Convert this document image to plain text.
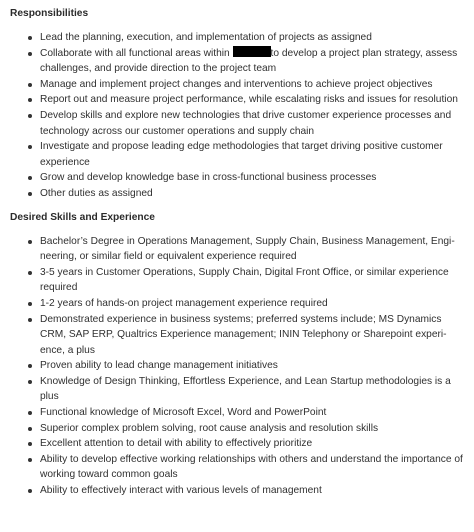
Responsibilities
Lead the planning, execution, and implementation of projects as assigned
Collaborate with all functional areas within	to develop a project plan strategy, assess challenges, and provide direction to the project team
Manage and implement project changes and interventions to achieve project objectives
Report out and measure project performance, while escalating risks and issues for resolution
Develop skills and explore new technologies that drive customer experience processes and technology across our customer operations and supply chain
Investigate and propose leading edge methodologies that target driving positive customer experience
Grow and develop knowledge base in cross-functional business processes
Other duties as assigned
Desired Skills and Experience
Bachelor’s Degree in Operations Management, Supply Chain, Business Management, Engineering, or similar field or equivalent experience required
3-5 years in Customer Operations, Supply Chain, Digital Front Office, or similar experience required
1-2 years of hands-on project management experience required
Demonstrated experience in business systems; preferred systems include; MS Dynamics CRM, SAP ERP, Qualtrics Experience management; ININ Telephony or Sharepoint experience, a plus
Proven ability to lead change management initiatives
Knowledge of Design Thinking, Effortless Experience, and Lean Startup methodologies is a plus
Functional knowledge of Microsoft Excel, Word and PowerPoint
Superior complex problem solving, root cause analysis and resolution skills
Excellent attention to detail with ability to effectively prioritize
Ability to develop effective working relationships with others and understand the importance of working toward common goals
Ability to effectively interact with various levels of management
